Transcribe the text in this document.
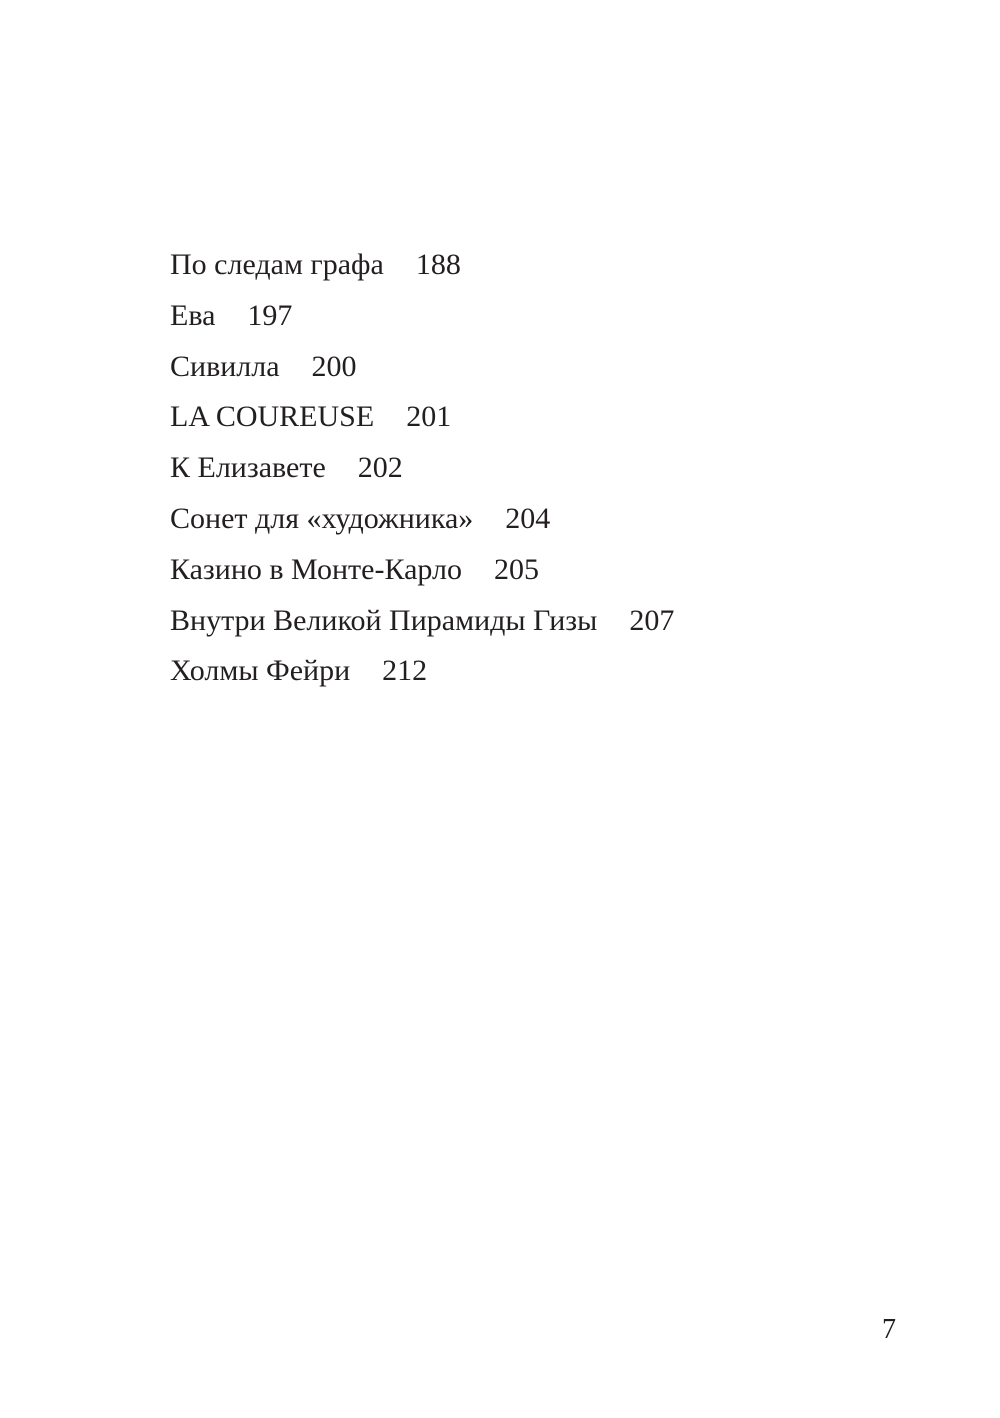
По следам графа 188
Ева 197
Сивилла 200
LA COUREUSE 201
К Елизавете 202
Сонет для «художника» 204
Казино в Монте-Карло 205
Внутри Великой Пирамиды Гизы 207
Холмы Фейри 212
7
